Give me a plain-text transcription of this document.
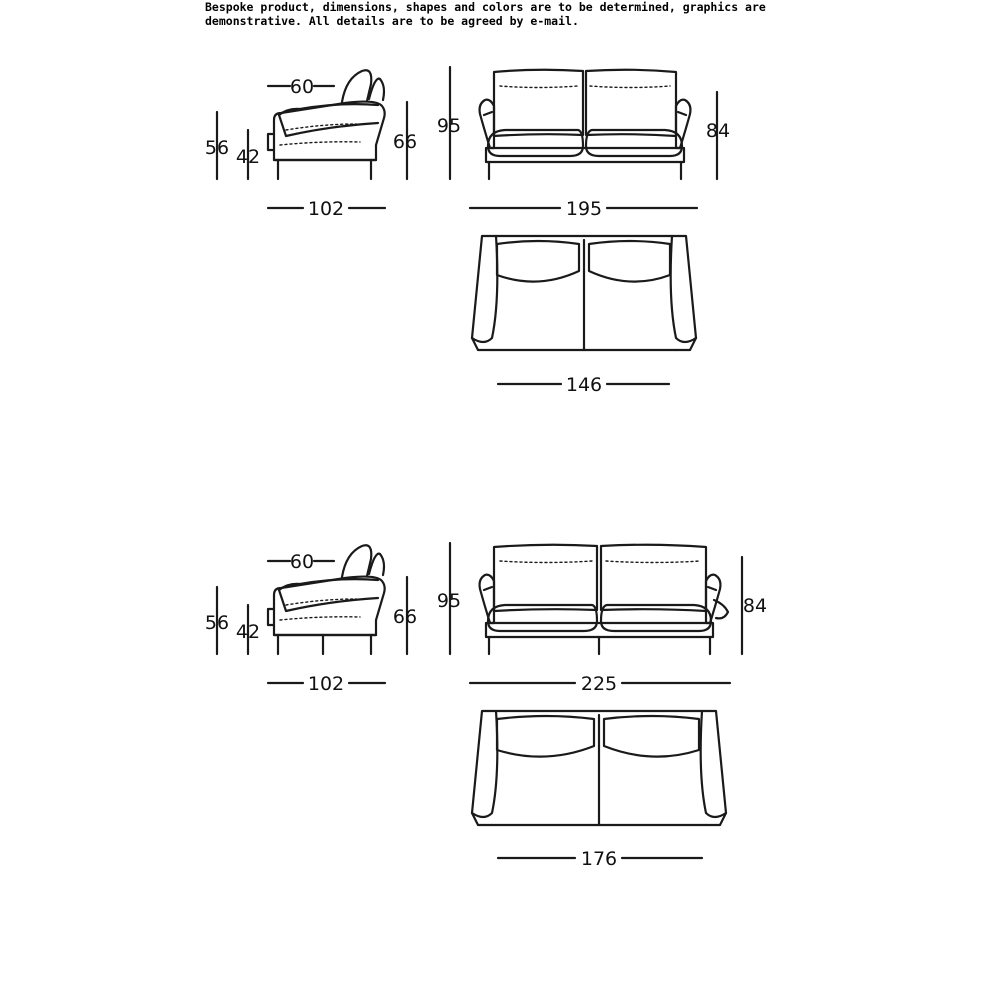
Bespoke product, dimensions, shapes and colors are to be determined, graphics are
demonstrative. All details are to be agreed by e-mail.
60
56 42
66
102
95	84
195
146
60
56 42
66
102
95	84
225
176
